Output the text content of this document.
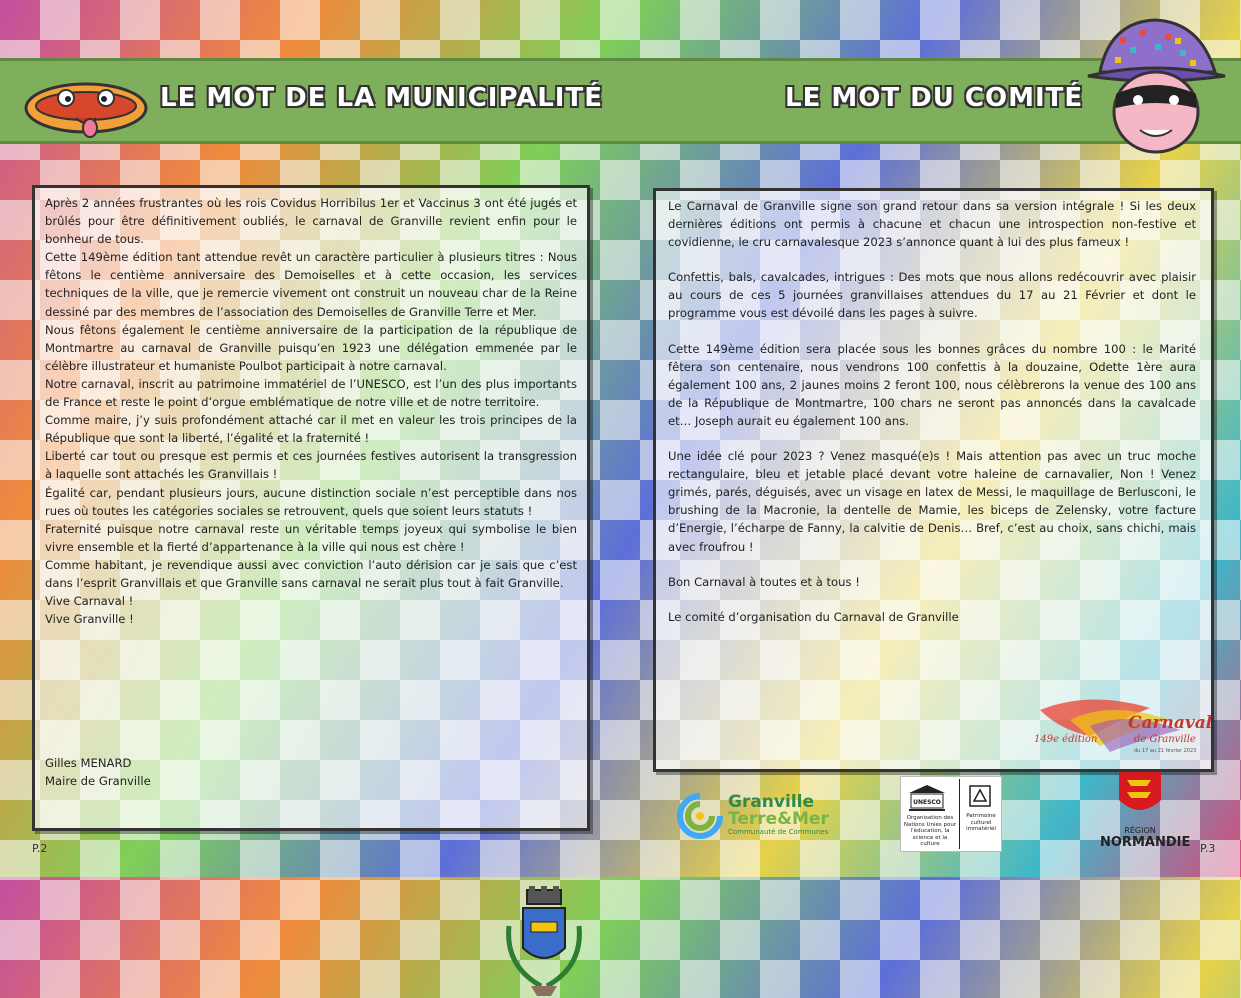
LE MOT DE LA MUNICIPALITÉ	LE MOT DU COMITÉ

Après 2 années frustrantes où les rois Covidus Horribilus 1er et Vaccinus 3 ont été jugés et brûlés pour être définitivement oubliés, le carnaval de Granville revient enfin pour le bonheur de tous.

Cette 149ème édition tant attendue revêt un caractère particulier à plusieurs titres : Nous fêtons le centième anniversaire des Demoiselles et à cette occasion, les services techniques de la ville, que je remercie vivement ont construit un nouveau char de la Reine dessiné par des membres de l’association des Demoiselles de Granville Terre et Mer.

Nous fêtons également le centième anniversaire de la participation de la république de Montmartre au carnaval de Granville puisqu’en 1923 une délégation emmenée par le célèbre illustrateur et humaniste Poulbot participait à notre carnaval.

Notre carnaval, inscrit au patrimoine immatériel de l’UNESCO, est l’un des plus importants de France et reste le point d’orgue emblématique de notre ville et de notre territoire.

Comme maire, j’y suis profondément attaché car il met en valeur les trois principes de la République que sont la liberté, l’égalité et la fraternité !

Liberté car tout ou presque est permis et ces journées festives autorisent la transgression à laquelle sont attachés les Granvillais !

Égalité car, pendant plusieurs jours, aucune distinction sociale n’est perceptible dans nos rues où toutes les catégories sociales se retrouvent, quels que soient leurs statuts !

Fraternité puisque notre carnaval reste un véritable temps joyeux qui symbolise le bien vivre ensemble et la fierté d’appartenance à la ville qui nous est chère !

Comme habitant, je revendique aussi avec conviction l’auto dérision car je sais que c’est dans l’esprit Granvillais et que Granville sans carnaval ne serait plus tout à fait Granville.

Vive Carnaval !

Vive Granville !

Gilles MENARD
Maire de Granville

Le Carnaval de Granville signe son grand retour dans sa version intégrale ! Si les deux dernières éditions ont permis à chacune et chacun une introspection non-festive et covidienne, le cru carnavalesque 2023 s’annonce quant à lui des plus fameux !

Confettis, bals, cavalcades, intrigues : Des mots que nous allons redécouvrir avec plaisir au cours de ces 5 journées granvillaises attendues du 17 au 21 Février et dont le programme vous est dévoilé dans les pages à suivre.

Cette 149ème édition sera placée sous les bonnes grâces du nombre 100 : le Marité fêtera son centenaire, nous vendrons 100 confettis à la douzaine, Odette 1ère aura également 100 ans, 2 jaunes moins 2 feront 100, nous célèbrerons la venue des 100 ans de la République de Montmartre, 100 chars ne seront pas annoncés dans la cavalcade et… Joseph aurait eu également 100 ans.

Une idée clé pour 2023 ? Venez masqué(e)s ! Mais attention pas avec un truc moche rectangulaire, bleu et jetable placé devant votre haleine de carnavalier, Non ! Venez grimés, parés, déguisés, avec un visage en latex de Messi, le maquillage de Berlusconi, le brushing de la Macronie, la dentelle de Mamie, les biceps de Zelensky, votre facture d’Energie, l’écharpe de Fanny, la calvitie de Denis… Bref, c’est au choix, sans chichi, mais avec froufrou !

Bon Carnaval à toutes et à tous !

Le comité d’organisation du Carnaval de Granville

149e édition
Carnaval
de Granville
du 17 au 21 février 2023
P.2	P.3
Granville
Terre&Mer
Communauté de Communes
UNESCO
Organisation des Nations Unies pour l’éducation, la science et la culture
Patrimoine culturel immatériel	RÉGION
NORMANDIE
